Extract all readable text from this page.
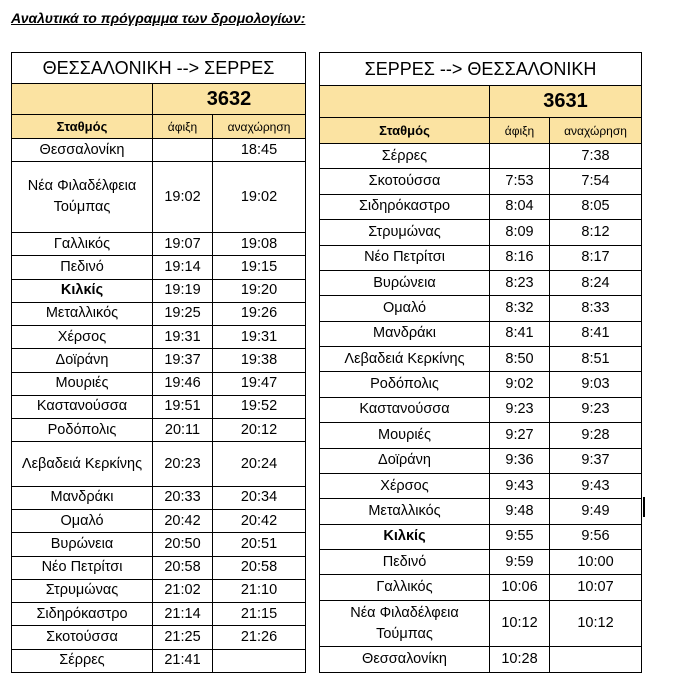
Αναλυτικά το πρόγραμμα των δρομολογίων:
ΘΕΣΣΑΛΟΝΙΚΗ --> ΣΕΡΡΕΣ		
	3632	
Σταθμός	άφιξη	αναχώρηση
Θεσσαλονίκη		18:45
Νέα Φιλαδέλφεια Τούμπας	19:02	19:02
Γαλλικός	19:07	19:08
Πεδινό	19:14	19:15
Κιλκίς	19:19	19:20
Μεταλλικός	19:25	19:26
Χέρσος	19:31	19:31
Δοϊράνη	19:37	19:38
Μουριές	19:46	19:47
Καστανούσσα	19:51	19:52
Ροδόπολις	20:11	20:12
Λεβαδειά Κερκίνης	20:23	20:24
Μανδράκι	20:33	20:34
Ομαλό	20:42	20:42
Βυρώνεια	20:50	20:51
Νέο Πετρίτσι	20:58	20:58
Στρυμώνας	21:02	21:10
Σιδηρόκαστρο	21:14	21:15
Σκοτούσσα	21:25	21:26
Σέρρες	21:41	
ΣΕΡΡΕΣ --> ΘΕΣΣΑΛΟΝΙΚΗ		
	3631	
Σταθμός	άφιξη	αναχώρηση
Σέρρες		7:38
Σκοτούσσα	7:53	7:54
Σιδηρόκαστρο	8:04	8:05
Στρυμώνας	8:09	8:12
Νέο Πετρίτσι	8:16	8:17
Βυρώνεια	8:23	8:24
Ομαλό	8:32	8:33
Μανδράκι	8:41	8:41
Λεβαδειά Κερκίνης	8:50	8:51
Ροδόπολις	9:02	9:03
Καστανούσσα	9:23	9:23
Μουριές	9:27	9:28
Δοϊράνη	9:36	9:37
Χέρσος	9:43	9:43
Μεταλλικός	9:48	9:49
Κιλκίς	9:55	9:56
Πεδινό	9:59	10:00
Γαλλικός	10:06	10:07
Νέα Φιλαδέλφεια Τούμπας	10:12	10:12
Θεσσαλονίκη	10:28	
